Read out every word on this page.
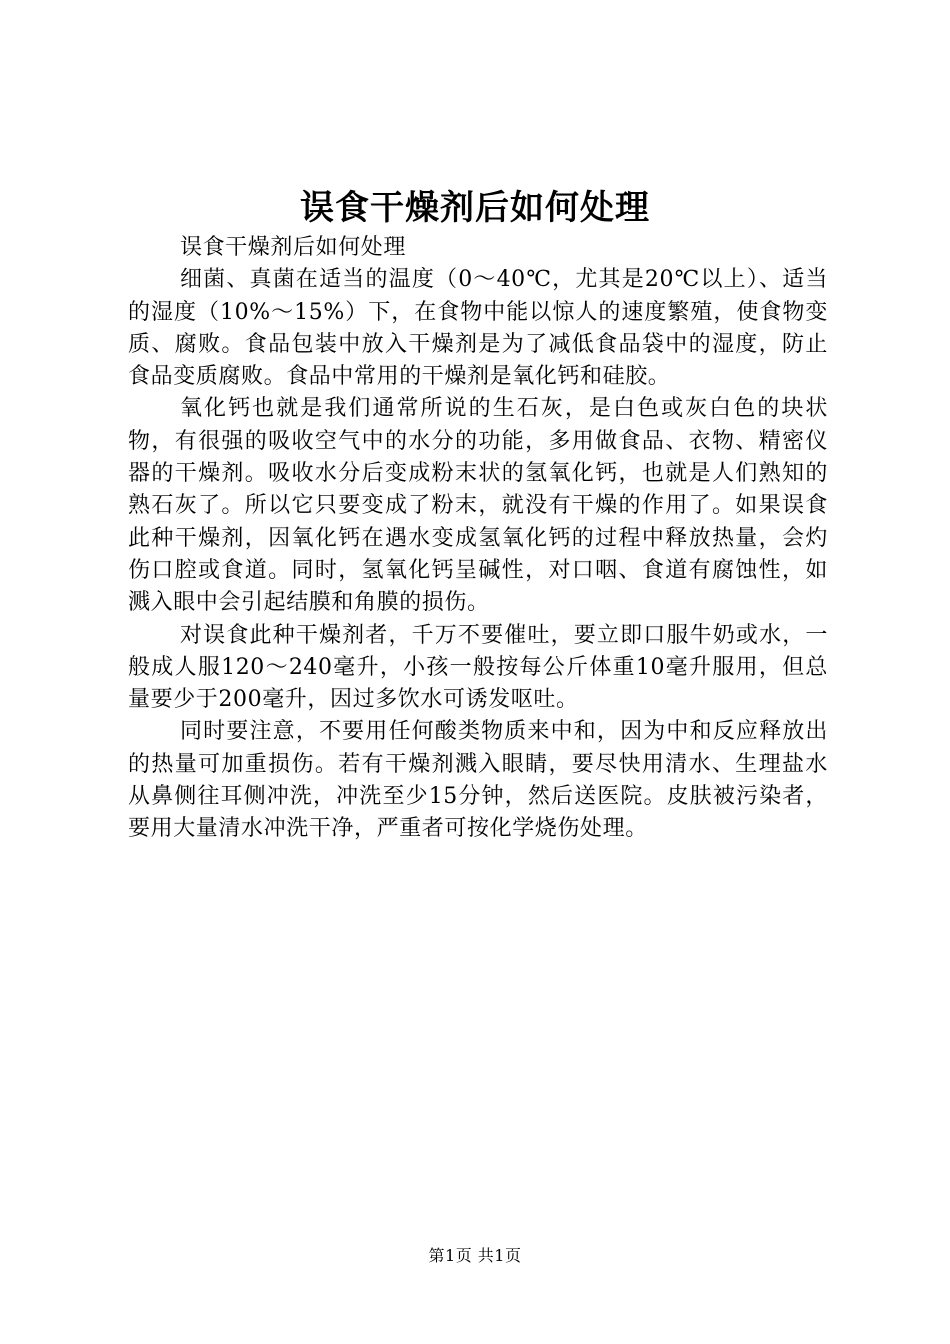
误食干燥剂后如何处理

误食干燥剂后如何处理

细菌、真菌在适当的温度（0～40℃，尤其是20℃以上）、适当的湿度（10%～15%）下，在食物中能以惊人的速度繁殖，使食物变质、腐败。食品包装中放入干燥剂是为了减低食品袋中的湿度，防止食品变质腐败。食品中常用的干燥剂是氧化钙和硅胶。

氧化钙也就是我们通常所说的生石灰，是白色或灰白色的块状物，有很强的吸收空气中的水分的功能，多用做食品、衣物、精密仪器的干燥剂。吸收水分后变成粉末状的氢氧化钙，也就是人们熟知的熟石灰了。所以它只要变成了粉末，就没有干燥的作用了。如果误食此种干燥剂，因氧化钙在遇水变成氢氧化钙的过程中释放热量，会灼伤口腔或食道。同时，氢氧化钙呈碱性，对口咽、食道有腐蚀性，如溅入眼中会引起结膜和角膜的损伤。

对误食此种干燥剂者，千万不要催吐，要立即口服牛奶或水，一般成人服120～240毫升，小孩一般按每公斤体重10毫升服用，但总量要少于200毫升，因过多饮水可诱发呕吐。

同时要注意，不要用任何酸类物质来中和，因为中和反应释放出的热量可加重损伤。若有干燥剂溅入眼睛，要尽快用清水、生理盐水从鼻侧往耳侧冲洗，冲洗至少15分钟，然后送医院。皮肤被污染者，要用大量清水冲洗干净，严重者可按化学烧伤处理。

第1页 共1页
